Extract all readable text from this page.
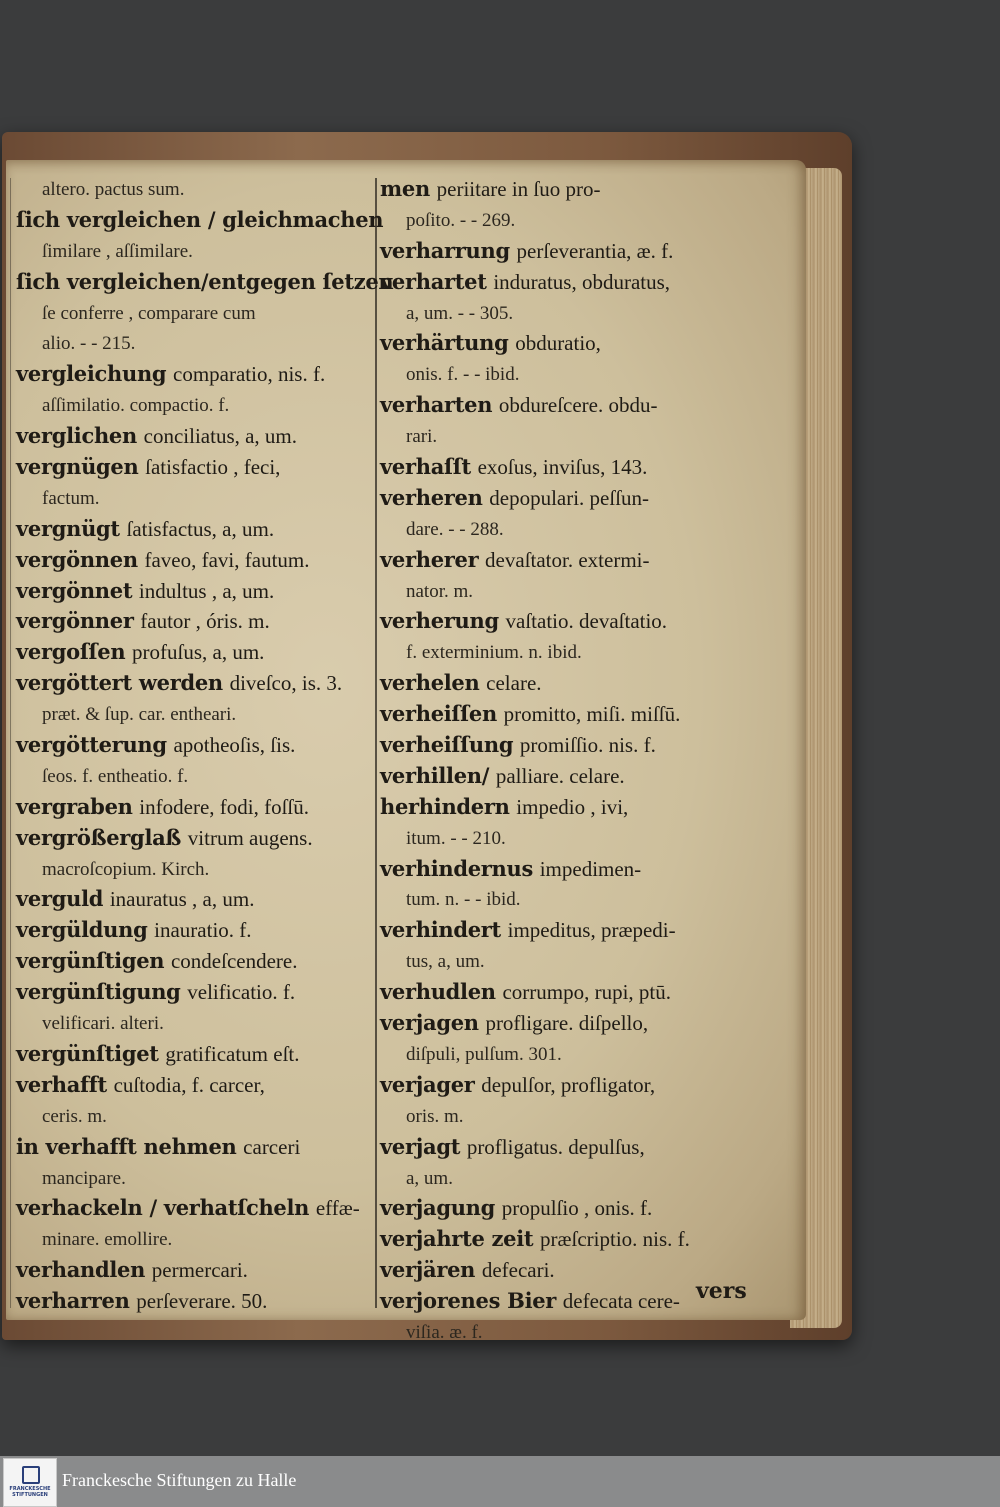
altero. pactus sum.
ſich vergleichen / gleichmachen
ſimilare , aſſimilare.
ſich vergleichen/entgegen ſetzen
ſe conferre , comparare cum
alio. - - 215.
vergleichung comparatio, nis. f.
aſſimilatio. compactio. f.
verglichen conciliatus, a, um.
vergnügen ſatisfactio , feci,
factum.
vergnügt ſatisfactus, a, um.
vergönnen faveo, favi, fautum.
vergönnet indultus , a, um.
vergönner fautor , óris. m.
vergoſſen profuſus, a, um.
vergöttert werden diveſco, is. 3.
præt. & ſup. car. entheari.
vergötterung apotheoſis, ſis.
ſeos. f. entheatio. f.
vergraben infodere, fodi, foſſū.
vergrößerglaß vitrum augens.
macroſcopium. Kirch.
verguld inauratus , a, um.
vergüldung inauratio. f.
vergünſtigen condeſcendere.
vergünſtigung velificatio. f.
velificari. alteri.
vergünſtiget gratificatum eſt.
verhafft cuſtodia, f. carcer,
ceris. m.
in verhafft nehmen carceri
mancipare.
verhackeln / verhatſcheln effæ-
minare. emollire.
verhandlen permercari.
verharren perſeverare. 50.
men periitare in ſuo pro-
poſito. - - 269.
verharrung perſeverantia, æ. f.
verhartet induratus, obduratus,
a, um. - - 305.
verhärtung obduratio,
onis. f. - - ibid.
verharten obdureſcere. obdu-
rari.
verhaſſt exoſus, inviſus, 143.
verheren depopulari. peſſun-
dare. - - 288.
verherer devaſtator. extermi-
nator. m.
verherung vaſtatio. devaſtatio.
f. exterminium. n. ibid.
verhelen celare.
verheiſſen promitto, miſi. miſſū.
verheiſſung promiſſio. nis. f.
verhillen/ palliare. celare.
herhindern impedio , ivi,
itum. - - 210.
verhindernus impedimen-
tum. n. - - ibid.
verhindert impeditus, præpedi-
tus, a, um.
verhudlen corrumpo, rupi, ptū.
verjagen profligare. diſpello,
diſpuli, pulſum. 301.
verjager depulſor, profligator,
oris. m.
verjagt profligatus. depulſus,
a, um.
verjagung propulſio , onis. f.
verjahrte zeit præſcriptio. nis. f.
verjären defecari.
verjorenes Bier defecata cere-
viſia. æ. f.
vers
FRANCKESCHE
STIFTUNGEN
Franckesche Stiftungen zu Halle
